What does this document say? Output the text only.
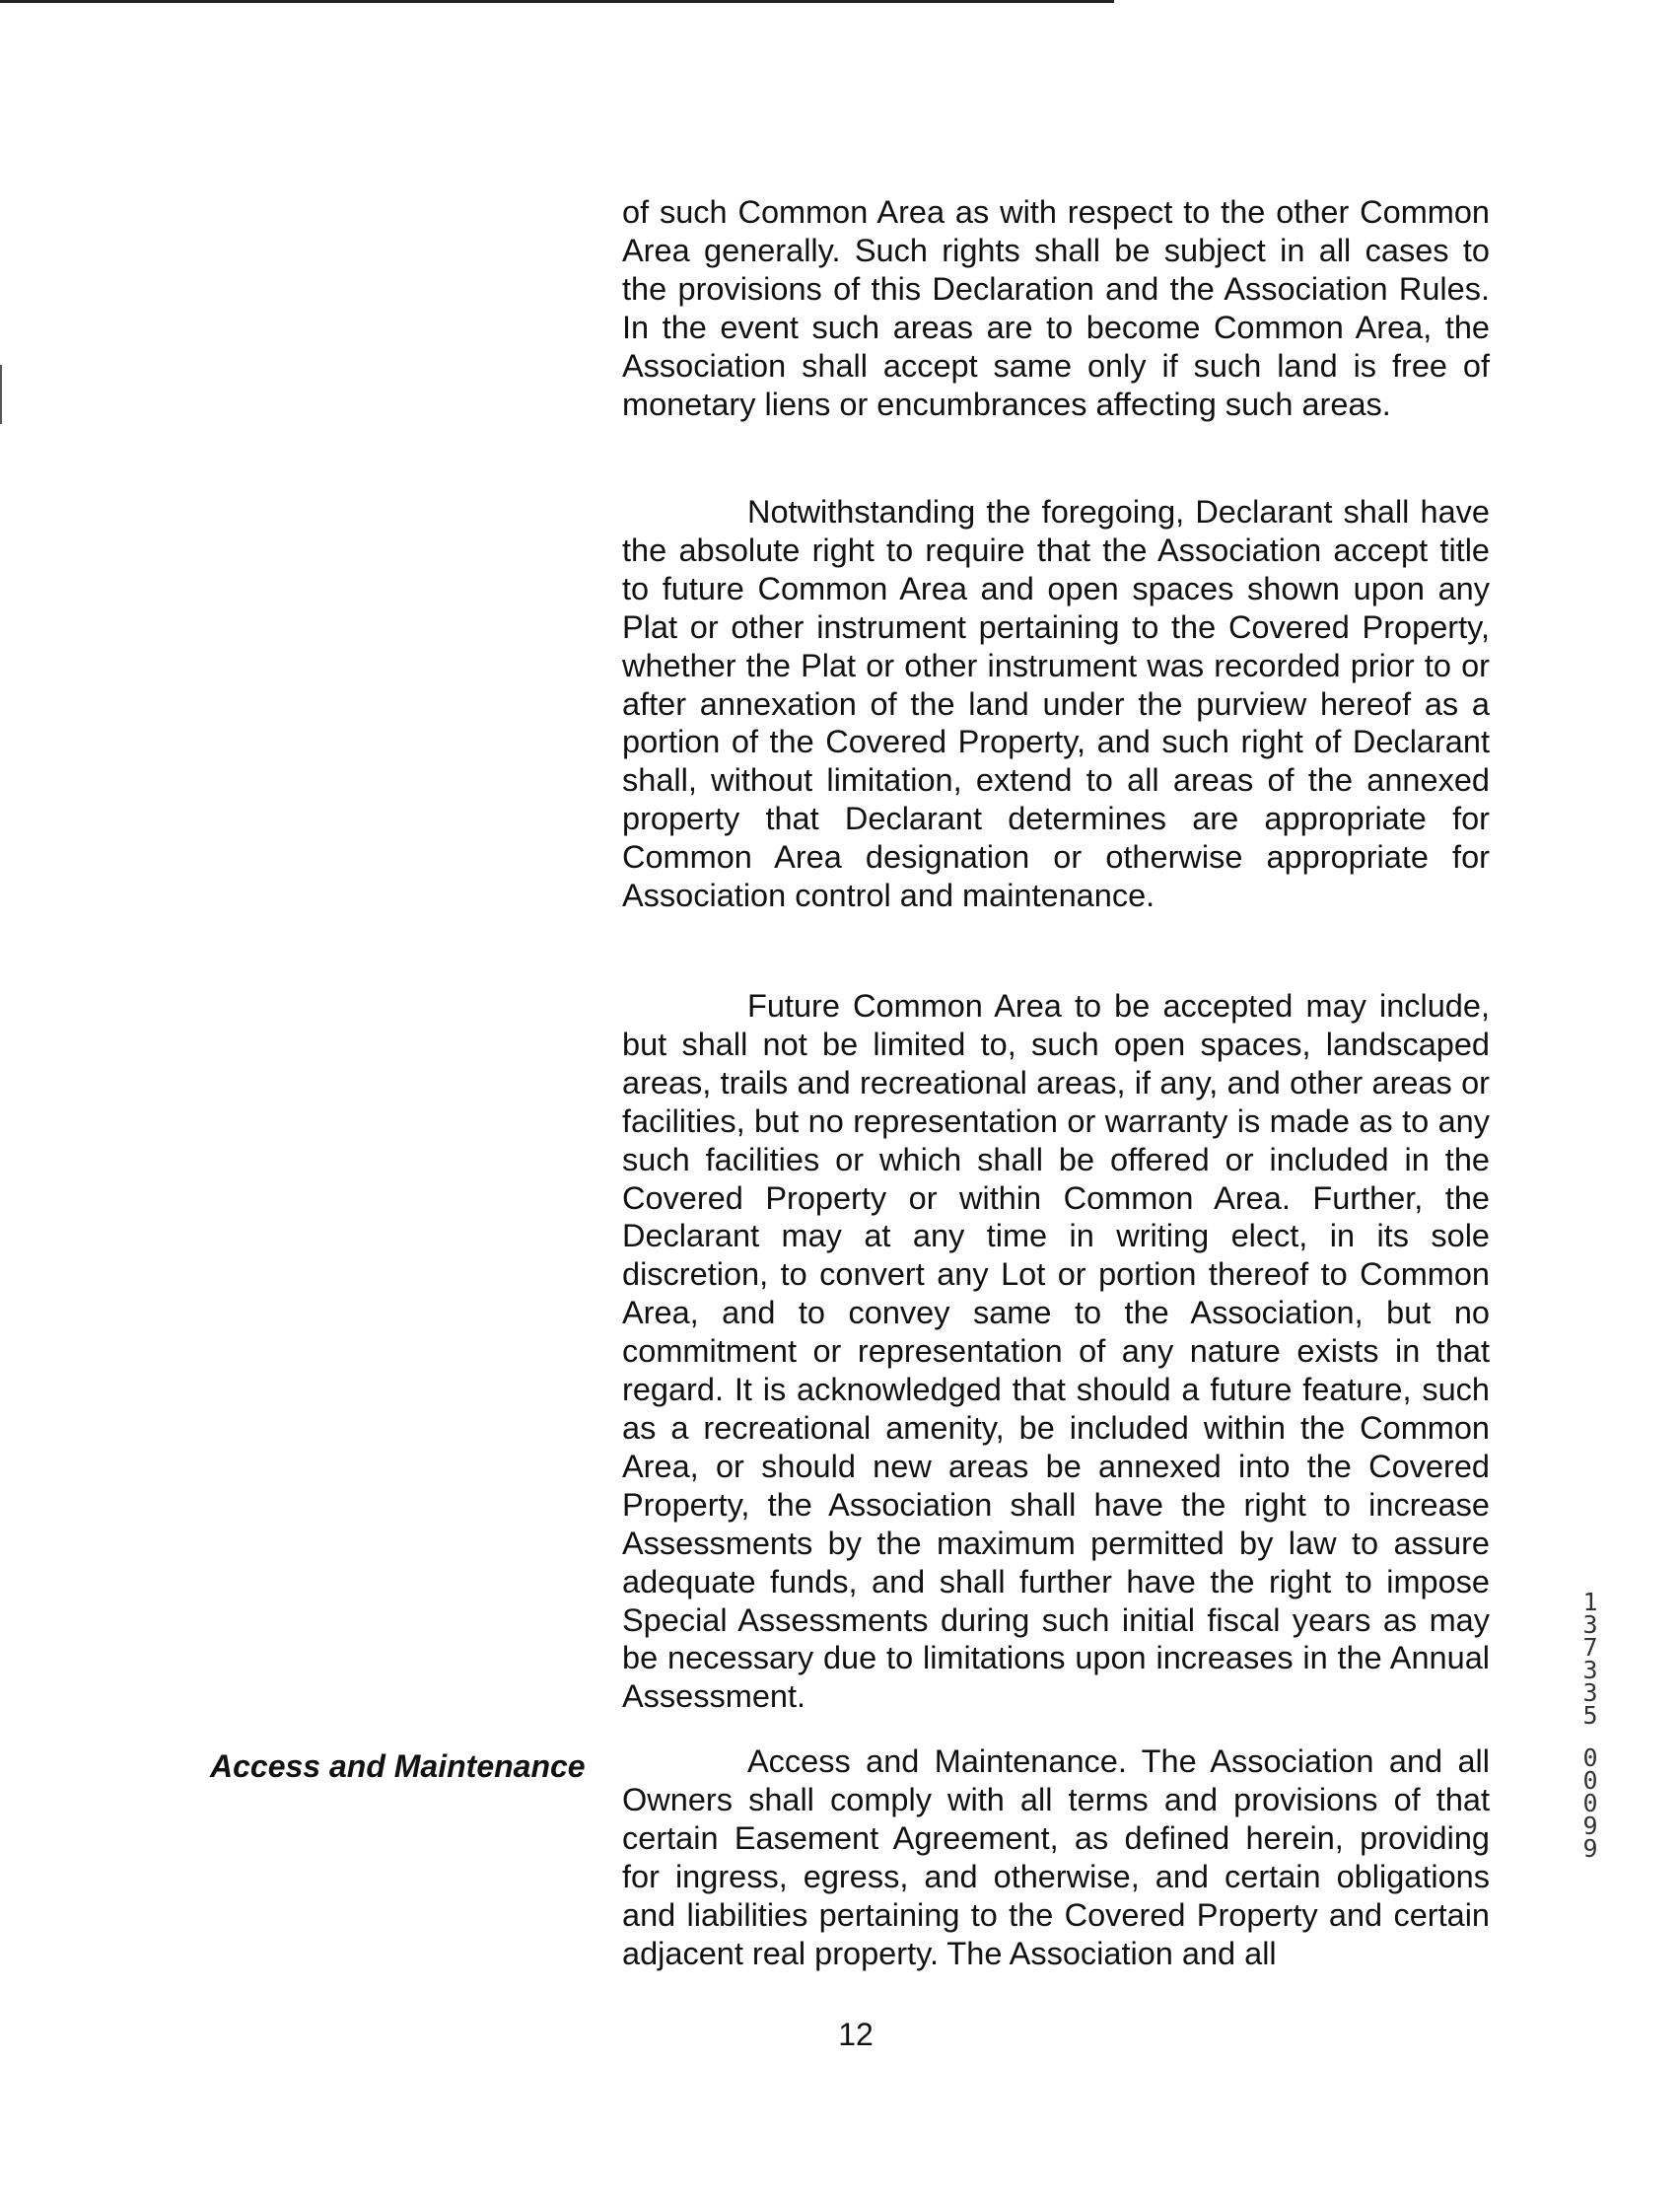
of such Common Area as with respect to the other Common Area generally. Such rights shall be subject in all cases to the provisions of this Declaration and the Association Rules. In the event such areas are to become Common Area, the Association shall accept same only if such land is free of monetary liens or encumbrances affecting such areas.

Notwithstanding the foregoing, Declarant shall have the absolute right to require that the Association accept title to future Common Area and open spaces shown upon any Plat or other instrument pertaining to the Covered Property, whether the Plat or other instrument was recorded prior to or after annexation of the land under the purview hereof as a portion of the Covered Property, and such right of Declarant shall, without limitation, extend to all areas of the annexed property that Declarant determines are appropriate for Common Area designation or otherwise appropriate for Association control and maintenance.

Future Common Area to be accepted may include, but shall not be limited to, such open spaces, landscaped areas, trails and recreational areas, if any, and other areas or facilities, but no representation or warranty is made as to any such facilities or which shall be offered or included in the Covered Property or within Common Area. Further, the Declarant may at any time in writing elect, in its sole discretion, to convert any Lot or portion thereof to Common Area, and to convey same to the Association, but no commitment or representation of any nature exists in that regard. It is acknowledged that should a future feature, such as a recreational amenity, be included within the Common Area, or should new areas be annexed into the Covered Property, the Association shall have the right to increase Assessments by the maximum permitted by law to assure adequate funds, and shall further have the right to impose Special Assessments during such initial fiscal years as may be necessary due to limitations upon increases in the Annual Assessment.

Access and Maintenance	Access and Maintenance. The Association and all Owners shall comply with all terms and provisions of that certain Easement Agreement, as defined herein, providing for ingress, egress, and otherwise, and certain obligations and liabilities pertaining to the Covered Property and certain adjacent real property. The Association and all

12

137335
00099
